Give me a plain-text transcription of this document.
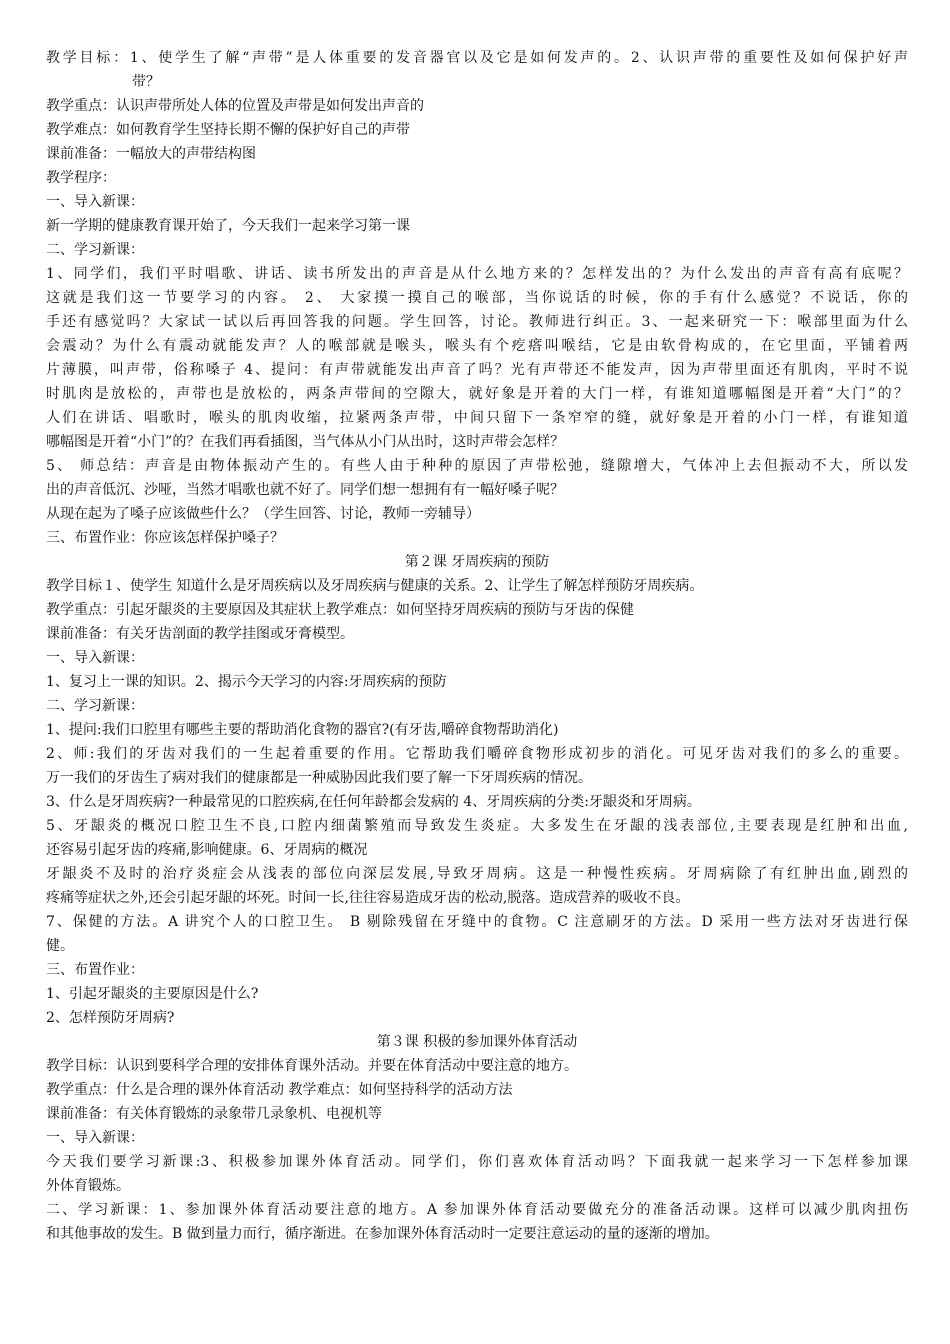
教学目标：1、使学生了解“声带”是人体重要的发音器官以及它是如何发声的。2、认识声带的重要性及如何保护好声
带？
教学重点：认识声带所处人体的位置及声带是如何发出声音的
教学难点：如何教育学生坚持长期不懈的保护好自己的声带
课前准备：一幅放大的声带结构图
教学程序：
一、导入新课：
新一学期的健康教育课开始了，今天我们一起来学习第一课
二、学习新课：
1、同学们，我们平时唱歌、讲话、读书所发出的声音是从什么地方来的？怎样发出的？为什么发出的声音有高有底呢？
这就是我们这一节要学习的内容。 2、 大家摸一摸自己的喉部，当你说话的时候，你的手有什么感觉？不说话，你的
手还有感觉吗？大家试一试以后再回答我的问题。学生回答，讨论。教师进行纠正。3、一起来研究一下：喉部里面为什么
会震动？为什么有震动就能发声？人的喉部就是喉头，喉头有个疙瘩叫喉结，它是由软骨构成的，在它里面，平铺着两
片薄膜，叫声带，俗称嗓子 4、提问：有声带就能发出声音了吗？光有声带还不能发声，因为声带里面还有肌肉，平时不说
时肌肉是放松的，声带也是放松的，两条声带间的空隙大，就好象是开着的大门一样，有谁知道哪幅图是开着“大门”的？
人们在讲话、唱歌时，喉头的肌肉收缩，拉紧两条声带，中间只留下一条窄窄的缝，就好象是开着的小门一样，有谁知道
哪幅图是开着“小门”的？在我们再看插图，当气体从小门从出时，这时声带会怎样？
5、 师总结：声音是由物体振动产生的。有些人由于种种的原因了声带松弛，缝隙增大，气体冲上去但振动不大，所以发
出的声音低沉、沙哑，当然才唱歌也就不好了。同学们想一想拥有有一幅好嗓子呢？
从现在起为了嗓子应该做些什么？（学生回答、讨论，教师一旁辅导）
三、布置作业：你应该怎样保护嗓子？
第２课 牙周疾病的预防
教学目标１、使学生 知道什么是牙周疾病以及牙周疾病与健康的关系。2、让学生了解怎样预防牙周疾病。
教学重点：引起牙龈炎的主要原因及其症状上教学难点：如何坚持牙周疾病的预防与牙齿的保健
课前准备：有关牙齿剖面的教学挂图或牙膏模型。
一、导入新课：
1、复习上一课的知识。2、揭示今天学习的内容:牙周疾病的预防
二、学习新课：
1、提问:我们口腔里有哪些主要的帮助消化食物的器官?(有牙齿,嚼碎食物帮助消化)
2、师:我们的牙齿对我们的一生起着重要的作用。它帮助我们嚼碎食物形成初步的消化。可见牙齿对我们的多么的重要。
万一我们的牙齿生了病对我们的健康都是一种威胁因此我们要了解一下牙周疾病的情况。
3、什么是牙周疾病?一种最常见的口腔疾病,在任何年龄都会发病的 4、牙周疾病的分类:牙龈炎和牙周病。
5、牙龈炎的概况口腔卫生不良,口腔内细菌繁殖而导致发生炎症。大多发生在牙龈的浅表部位,主要表现是红肿和出血,
还容易引起牙齿的疼痛,影响健康。6、牙周病的概况
牙龈炎不及时的治疗炎症会从浅表的部位向深层发展,导致牙周病。这是一种慢性疾病。牙周病除了有红肿出血,剧烈的
疼痛等症状之外,还会引起牙龈的坏死。时间一长,往往容易造成牙齿的松动,脱落。造成营养的吸收不良。
7、保健的方法。A 讲究个人的口腔卫生。 B 剔除残留在牙缝中的食物。C 注意刷牙的方法。D 采用一些方法对牙齿进行保
健。
三、布置作业：
1、引起牙龈炎的主要原因是什么?
2、怎样预防牙周病?
第３课 积极的参加课外体育活动
教学目标：认识到要科学合理的安排体育课外活动。并要在体育活动中要注意的地方。
教学重点：什么是合理的课外体育活动 教学难点：如何坚持科学的活动方法
课前准备：有关体育锻炼的录象带几录象机、电视机等
一、导入新课：
今天我们要学习新课:3、积极参加课外体育活动。同学们，你们喜欢体育活动吗？下面我就一起来学习一下怎样参加课
外体育锻炼。
二、学习新课：1、参加课外体育活动要注意的地方。A 参加课外体育活动要做充分的准备活动课。这样可以减少肌肉扭伤
和其他事故的发生。B 做到量力而行，循序渐进。在参加课外体育活动时一定要注意运动的量的逐渐的增加。
